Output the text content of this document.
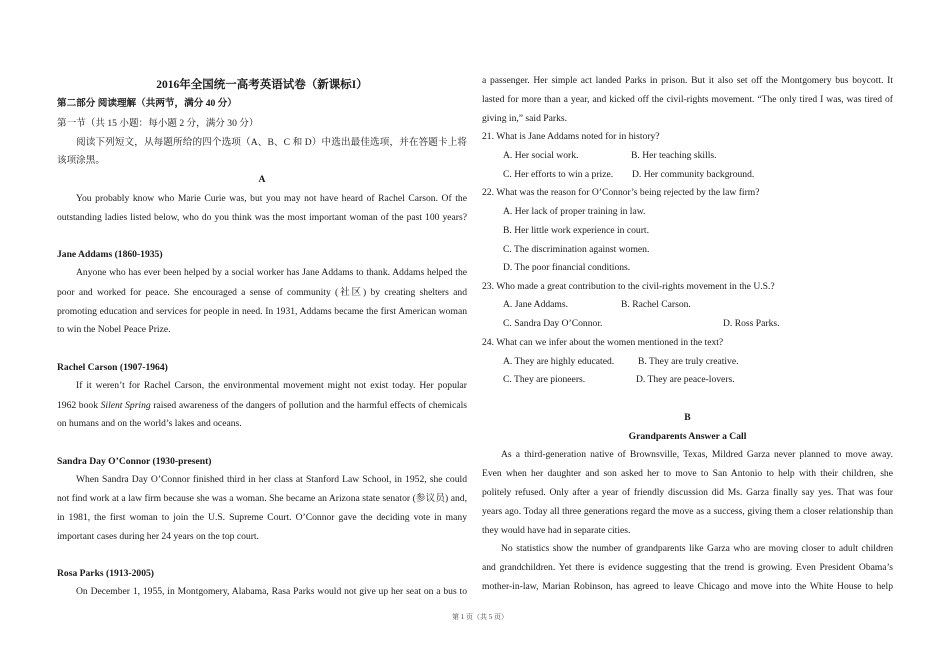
2016年全国统一高考英语试卷（新课标I）
第二部分 阅读理解（共两节，满分 40 分）
第一节（共 15 小题：每小题 2 分，满分 30 分）
阅读下列短文，从每题所给的四个选项（A、B、C 和 D）中选出最佳选项，并在答题卡上将
该项涂黑。
A
You probably know who Marie Curie was, but you may not have heard of Rachel Carson. Of the
outstanding ladies listed below, who do you think was the most important woman of the past 100 years?
Jane Addams (1860-1935)
Anyone who has ever been helped by a social worker has Jane Addams to thank. Addams helped the
poor and worked for peace. She encouraged a sense of community (社区) by creating shelters and
promoting education and services for people in need. In 1931, Addams became the first American woman
to win the Nobel Peace Prize.
Rachel Carson (1907-1964)
If it weren’t for Rachel Carson, the environmental movement might not exist today. Her popular
1962 book Silent Spring raised awareness of the dangers of pollution and the harmful effects of chemicals
on humans and on the world’s lakes and oceans.
Sandra Day O’Connor (1930-present)
When Sandra Day O’Connor finished third in her class at Stanford Law School, in 1952, she could
not find work at a law firm because she was a woman. She became an Arizona state senator (参议员) and,
in 1981, the first woman to join the U.S. Supreme Court. O’Connor gave the deciding vote in many
important cases during her 24 years on the top court.
Rosa Parks (1913-2005)
On December 1, 1955, in Montgomery, Alabama, Rasa Parks would not give up her seat on a bus to
a passenger. Her simple act landed Parks in prison. But it also set off the Montgomery bus boycott. It
lasted for more than a year, and kicked off the civil-rights movement. “The only tired I was, was tired of
giving in,” said Parks.
21. What is Jane Addams noted for in history?
A. Her social work.	B. Her teaching skills.
C. Her efforts to win a prize.	D. Her community background.
22. What was the reason for O’Connor’s being rejected by the law firm?
A. Her lack of proper training in law.
B. Her little work experience in court.
C. The discrimination against women.
D. The poor financial conditions.
23. Who made a great contribution to the civil-rights movement in the U.S.?
A. Jane Addams.	B. Rachel Carson.
C. Sandra Day O’Connor.	D. Ross Parks.
24. What can we infer about the women mentioned in the text?
A. They are highly educated.	B. They are truly creative.
C. They are pioneers.	D. They are peace-lovers.
B
Grandparents Answer a Call
As a third-generation native of Brownsville, Texas, Mildred Garza never planned to move away.
Even when her daughter and son asked her to move to San Antonio to help with their children, she
politely refused. Only after a year of friendly discussion did Ms. Garza finally say yes. That was four
years ago. Today all three generations regard the move as a success, giving them a closer relationship than
they would have had in separate cities.
No statistics show the number of grandparents like Garza who are moving closer to adult children
and grandchildren. Yet there is evidence suggesting that the trend is growing. Even President Obama’s
mother-in-law, Marian Robinson, has agreed to leave Chicago and move into the White House to help
第 1 页（共 5 页）
